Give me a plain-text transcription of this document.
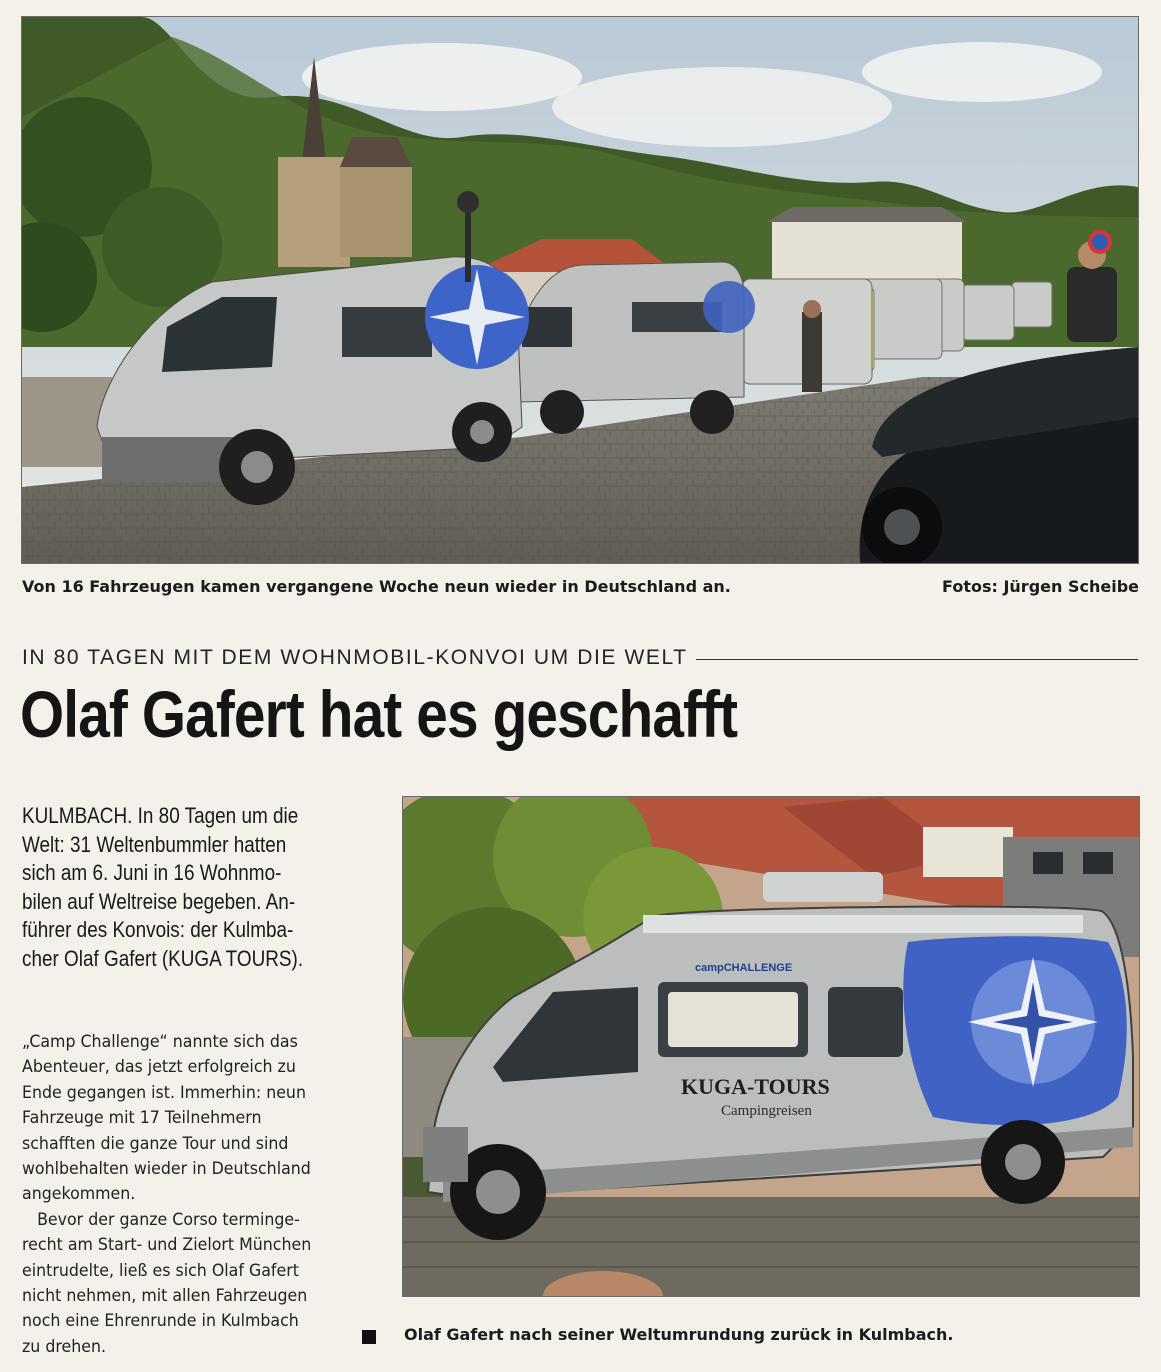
Von 16 Fahrzeugen kamen vergangene Woche neun wieder in Deutschland an.	Fotos: Jürgen Scheibe
IN 80 TAGEN MIT DEM WOHNMOBIL-KONVOI UM DIE WELT
Olaf Gafert hat es geschafft
KULMBACH. In 80 Tagen um die
Welt: 31 Weltenbummler hatten
sich am 6. Juni in 16 Wohnmo-
bilen auf Weltreise begeben. An-
führer des Konvois: der Kulmba-
cher Olaf Gafert (KUGA TOURS).
„Camp Challenge“ nannte sich das
Abenteuer, das jetzt erfolgreich zu
Ende gegangen ist. Immerhin: neun
Fahrzeuge mit 17 Teilnehmern
schafften die ganze Tour und sind
wohlbehalten wieder in Deutschland
angekommen.
Bevor der ganze Corso terminge-
recht am Start- und Zielort München
eintrudelte, ließ es sich Olaf Gafert
nicht nehmen, mit allen Fahrzeugen
noch eine Ehrenrunde in Kulmbach
zu drehen.
KUGA-TOURS
Campingreisen
campCHALLENGE
Olaf Gafert nach seiner Weltumrundung zurück in Kulmbach.
